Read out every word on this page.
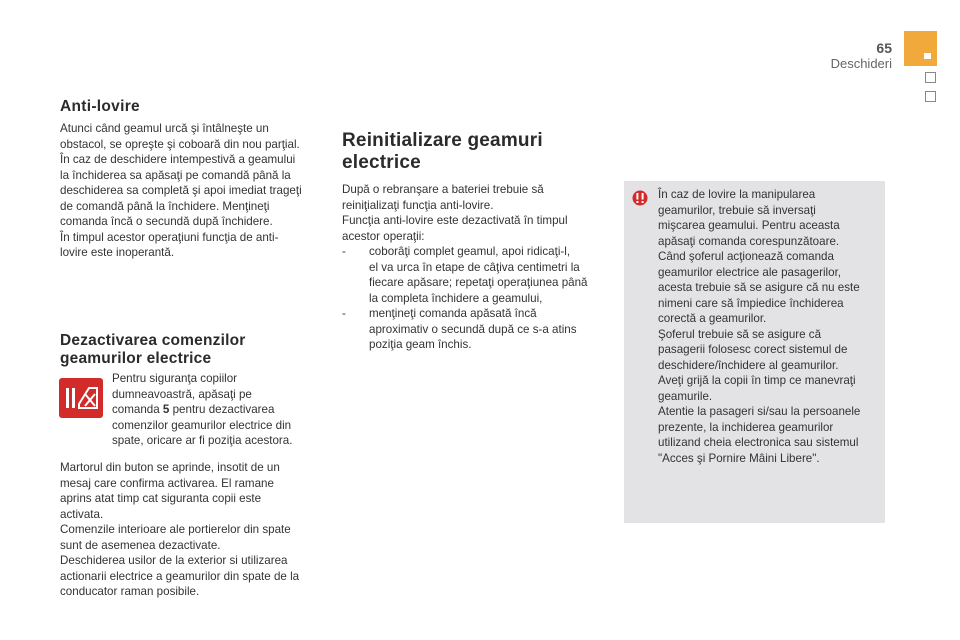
65
Deschideri
Anti-lovire
Atunci când geamul urcă şi întâlneşte un
obstacol, se opreşte şi coboară din nou parţial.
În caz de deschidere intempestivă a geamului
la închiderea sa apăsaţi pe comandă până la
deschiderea sa completă şi apoi imediat trageţi
de comandă până la închidere. Menţineţi
comanda încă o secundă după închidere.
În timpul acestor operaţiuni funcţia de anti-
lovire este inoperantă.
Dezactivarea comenzilor
geamurilor electrice
Pentru siguranţa copiilor
dumneavoastră, apăsaţi pe
comanda 5 pentru dezactivarea
comenzilor geamurilor electrice din
spate, oricare ar fi poziţia acestora.
Martorul din buton se aprinde, insotit de un
mesaj care confirma activarea. El ramane
aprins atat timp cat siguranta copii este
activata.
Comenzile interioare ale portierelor din spate
sunt de asemenea dezactivate.
Deschiderea usilor de la exterior si utilizarea
actionarii electrice a geamurilor din spate de la
conducator raman posibile.
Reinitializare geamuri
electrice
După o rebranşare a bateriei trebuie să
reiniţializaţi funcţia anti-lovire.
Funcţia anti-lovire este dezactivată în timpul
acestor operaţii:
- coborâţi complet geamul, apoi ridicaţi-l,
el va urca în etape de câţiva centimetri la
fiecare apăsare; repetaţi operaţiunea până
la completa închidere a geamului,
- menţineţi comanda apăsată încă
aproximativ o secundă după ce s-a atins
poziţia geam închis.
În caz de lovire la manipularea
geamurilor, trebuie să inversaţi
mişcarea geamului. Pentru aceasta
apăsaţi comanda corespunzătoare.
Când şoferul acţionează comanda
geamurilor electrice ale pasagerilor,
acesta trebuie să se asigure că nu este
nimeni care să împiedice închiderea
corectă a geamurilor.
Şoferul trebuie să se asigure că
pasagerii folosesc corect sistemul de
deschidere/închidere al geamurilor.
Aveţi grijă la copii în timp ce manevraţi
geamurile.
Atentie la pasageri si/sau la persoanele
prezente, la inchiderea geamurilor
utilizand cheia electronica sau sistemul
"Acces şi Pornire Mâini Libere".
